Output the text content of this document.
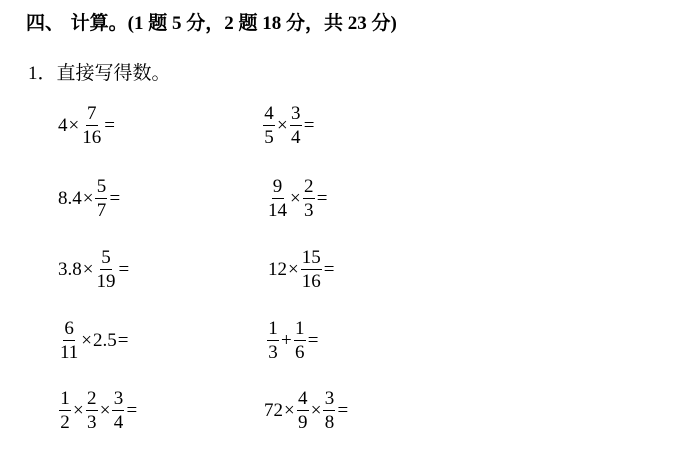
四、 计算。(1 题 5 分，2 题 18 分，共 23 分)
1．直接写得数。
$4 \times \frac{7}{16}$ =	$\frac{4}{5} \times \frac{3}{4}$ =
$8.4 \times \frac{5}{7}$ =	$\frac{9}{14} \times \frac{2}{3}$ =
$3.8 \times \frac{5}{19}$ =	$12 \times \frac{15}{16}$ =
$\frac{6}{11} \times 2.5$ =	$\frac{1}{3} + \frac{1}{6}$ =
$\frac{1}{2} \times \frac{2}{3} \times \frac{3}{4}$ =	$72 \times \frac{4}{9} \times \frac{3}{8}$ =
